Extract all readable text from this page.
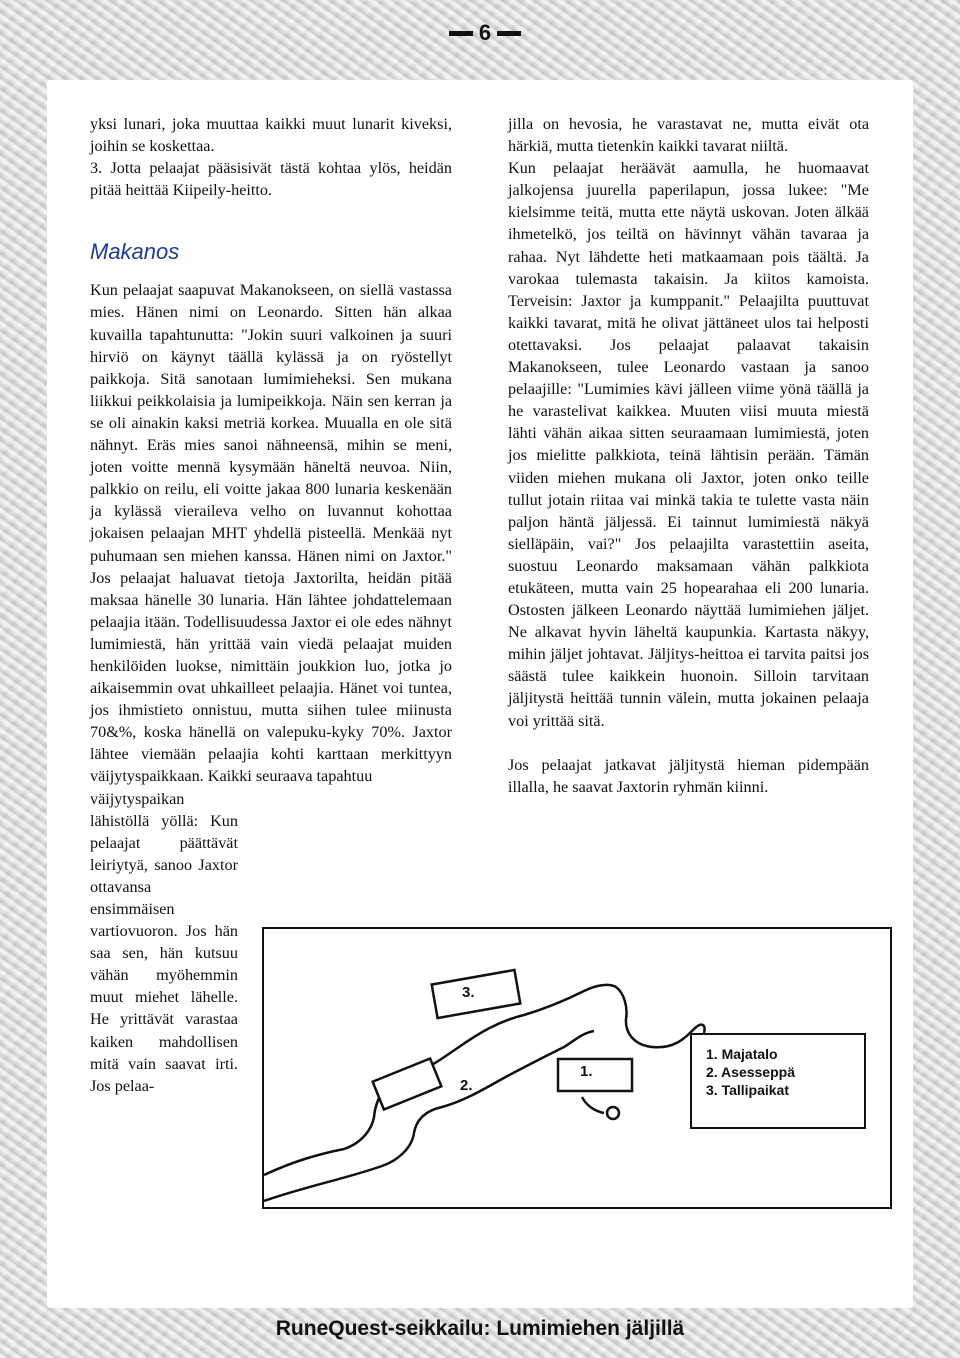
6

yksi lunari, joka muuttaa kaikki muut lunarit kiveksi, joihin se koskettaa.

3. Jotta pelaajat pääsisivät tästä kohtaa ylös, heidän pitää heittää Kiipeily-heitto.

Makanos

Kun pelaajat saapuvat Makanokseen, on siellä vastassa mies. Hänen nimi on Leonardo. Sitten hän alkaa kuvailla tapahtunutta: "Jokin suuri valkoinen ja suuri hirviö on käynyt täällä kylässä ja on ryöstellyt paikkoja. Sitä sanotaan lumimieheksi. Sen mukana liikkui peikkolaisia ja lumipeikkoja. Näin sen kerran ja se oli ainakin kaksi metriä korkea. Muualla en ole sitä nähnyt. Eräs mies sanoi nähneensä, mihin se meni, joten voitte mennä kysymään häneltä neuvoa. Niin, palkkio on reilu, eli voitte jakaa 800 lunaria keskenään ja kylässä vieraileva velho on luvannut kohottaa jokaisen pelaajan MHT yhdellä pisteellä. Menkää nyt puhumaan sen miehen kanssa. Hänen nimi on Jaxtor." Jos pelaajat haluavat tietoja Jaxtorilta, heidän pitää maksaa hänelle 30 lunaria. Hän lähtee johdattelemaan pelaajia itään. Todellisuudessa Jaxtor ei ole edes nähnyt lumimiestä, hän yrittää vain viedä pelaajat muiden henkilöiden luokse, nimittäin joukkion luo, jotka jo aikaisemmin ovat uhkailleet pelaajia. Hänet voi tuntea, jos ihmistieto onnistuu, mutta siihen tulee miinusta 70&%, koska hänellä on valepuku-kyky 70%. Jaxtor lähtee viemään pelaajia kohti karttaan merkittyyn väijytyspaikkaan. Kaikki seuraava tapahtuu

väijytyspaikan lähistöllä yöllä: Kun pelaajat päättävät leiriytyä, sanoo Jaxtor ottavansa ensimmäisen vartiovuoron. Jos hän saa sen, hän kutsuu vähän myöhemmin muut miehet lähelle. He yrittävät varastaa kaiken mahdollisen mitä vain saavat irti. Jos pelaa-

jilla on hevosia, he varastavat ne, mutta eivät ota härkiä, mutta tietenkin kaikki tavarat niiltä.

Kun pelaajat heräävät aamulla, he huomaavat jalkojensa juurella paperilapun, jossa lukee: "Me kielsimme teitä, mutta ette näytä uskovan. Joten älkää ihmetelkö, jos teiltä on hävinnyt vähän tavaraa ja rahaa. Nyt lähdette heti matkaamaan pois täältä. Ja varokaa tulemasta takaisin. Ja kiitos kamoista. Terveisin: Jaxtor ja kumppanit." Pelaajilta puuttuvat kaikki tavarat, mitä he olivat jättäneet ulos tai helposti otettavaksi. Jos pelaajat palaavat takaisin Makanokseen, tulee Leonardo vastaan ja sanoo pelaajille: "Lumimies kävi jälleen viime yönä täällä ja he varastelivat kaikkea. Muuten viisi muuta miestä lähti vähän aikaa sitten seuraamaan lumimiestä, joten jos mielitte palkkiota, teinä lähtisin perään. Tämän viiden miehen mukana oli Jaxtor, joten onko teille tullut jotain riitaa vai minkä takia te tulette vasta näin paljon häntä jäljessä. Ei tainnut lumimiestä näkyä sielläpäin, vai?" Jos pelaajilta varastettiin aseita, suostuu Leonardo maksamaan vähän palkkiota etukäteen, mutta vain 25 hopearahaa eli 200 lunaria. Ostosten jälkeen Leonardo näyttää lumimiehen jäljet. Ne alkavat hyvin läheltä kaupunkia. Kartasta näkyy, mihin jäljet johtavat. Jäljitys-heittoa ei tarvita paitsi jos säästä tulee kaikkein huonoin. Silloin tarvitaan jäljitystä heittää tunnin välein, mutta jokainen pelaaja voi yrittää sitä.

Jos pelaajat jatkavat jäljitystä hieman pidempään illalla, he saavat Jaxtorin ryhmän kiinni.

3.
2.
1.
1. Majatalo
2. Asesseppä
3. Tallipaikat
RuneQuest-seikkailu: Lumimiehen jäljillä
